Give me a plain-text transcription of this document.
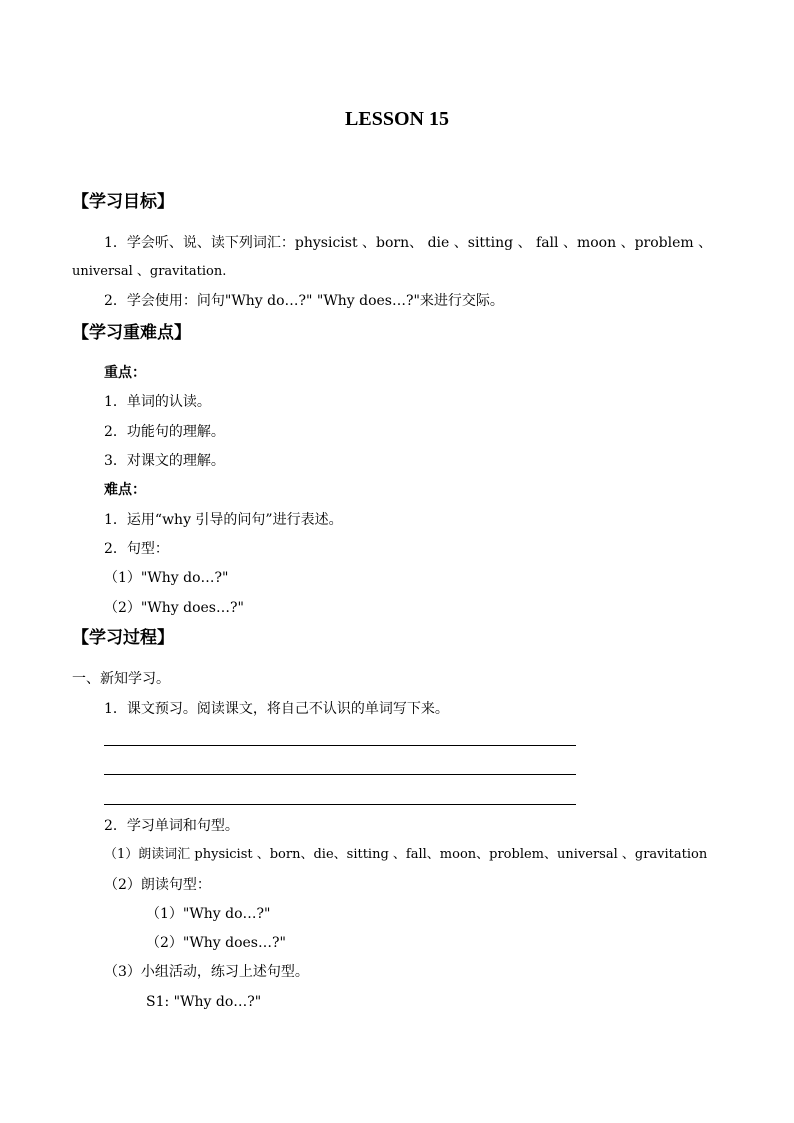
LESSON 15
【学习目标】
1．学会听、说、读下列词汇：physicist 、born、 die 、sitting 、 fall 、moon 、problem 、
universal 、gravitation.
2．学会使用：问句"Why do…?" "Why does…?"来进行交际。
【学习重难点】
重点：
1．单词的认读。
2．功能句的理解。
3．对课文的理解。
难点：
1．运用“why 引导的问句”进行表述。
2．句型：
（1）"Why do…?"
（2）"Why does…?"
【学习过程】
一、新知学习。
1．课文预习。阅读课文，将自己不认识的单词写下来。
2．学习单词和句型。
（1）朗读词汇 physicist 、born、die、sitting 、fall、moon、problem、universal 、gravitation
（2）朗读句型：
（1）"Why do…?"
（2）"Why does…?"
（3）小组活动，练习上述句型。
S1: "Why do…?"
